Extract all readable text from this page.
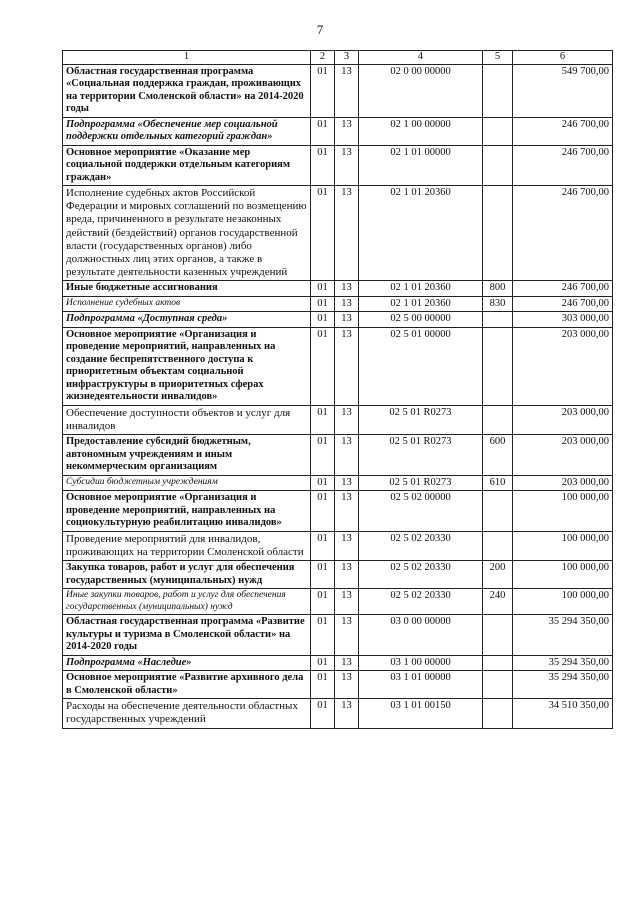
7
1	2	3	4	5	6
Областная государственная программа «Социальная поддержка граждан, проживающих на территории Смоленской области» на 2014-2020 годы	01	13	02 0 00 00000		549 700,00
Подпрограмма «Обеспечение мер социальной поддержки отдельных категорий граждан»	01	13	02 1 00 00000		246 700,00
Основное мероприятие «Оказание мер социальной поддержки отдельным категориям граждан»	01	13	02 1 01 00000		246 700,00
Исполнение судебных актов Российской Федерации и мировых соглашений по возмещению вреда, причиненного в результате незаконных действий (бездействий) органов государственной власти (государственных органов) либо должностных лиц этих органов, а также в результате деятельности казенных учреждений	01	13	02 1 01 20360		246 700,00
Иные бюджетные ассигнования	01	13	02 1 01 20360	800	246 700,00
Исполнение судебных актов	01	13	02 1 01 20360	830	246 700,00
Подпрограмма «Доступная среда»	01	13	02 5 00 00000		303 000,00
Основное мероприятие «Организация и проведение мероприятий, направленных на создание беспрепятственного доступа к приоритетным объектам социальной инфраструктуры в приоритетных сферах жизнедеятельности инвалидов»	01	13	02 5 01 00000		203 000,00
Обеспечение доступности объектов и услуг для инвалидов	01	13	02 5 01 R0273		203 000,00
Предоставление субсидий бюджетным, автономным учреждениям и иным некоммерческим организациям	01	13	02 5 01 R0273	600	203 000,00
Субсидии бюджетным учреждениям	01	13	02 5 01 R0273	610	203 000,00
Основное мероприятие «Организация и проведение мероприятий, направленных на социокультурную реабилитацию инвалидов»	01	13	02 5 02 00000		100 000,00
Проведение мероприятий для инвалидов, проживающих на территории Смоленской области	01	13	02 5 02 20330		100 000,00
Закупка товаров, работ и услуг для обеспечения государственных (муниципальных) нужд	01	13	02 5 02 20330	200	100 000,00
Иные закупки товаров, работ и услуг для обеспечения государственных (муниципальных) нужд	01	13	02 5 02 20330	240	100 000,00
Областная государственная программа «Развитие культуры и туризма в Смоленской области» на 2014-2020 годы	01	13	03 0 00 00000		35 294 350,00
Подпрограмма «Наследие»	01	13	03 1 00 00000		35 294 350,00
Основное мероприятие «Развитие архивного дела в Смоленской области»	01	13	03 1 01 00000		35 294 350,00
Расходы на обеспечение деятельности областных государственных учреждений	01	13	03 1 01 00150		34 510 350,00
